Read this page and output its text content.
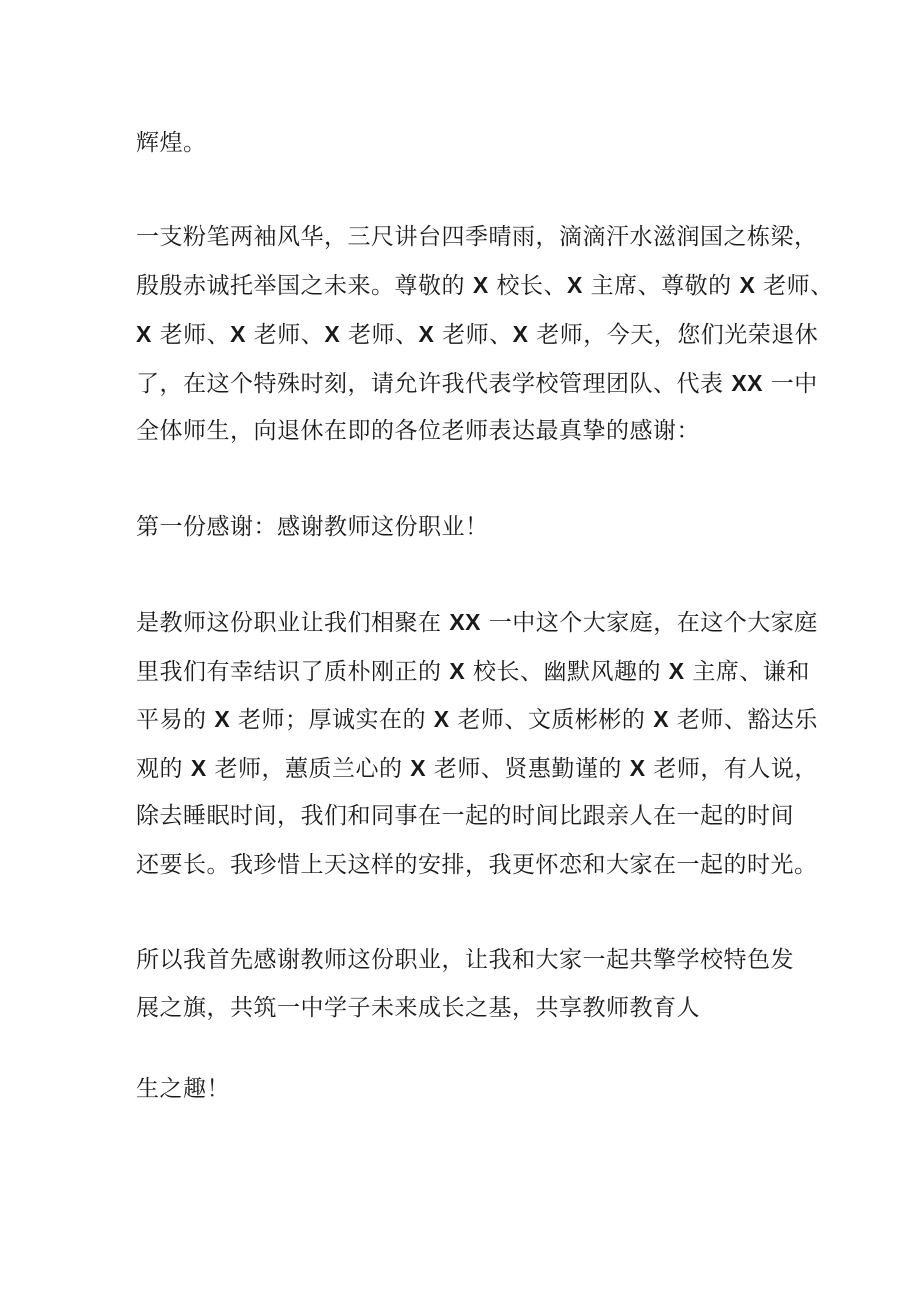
辉煌。
一支粉笔两袖风华，三尺讲台四季晴雨，滴滴汗水滋润国之栋梁，
殷殷赤诚托举国之未来。尊敬的 X 校长、X 主席、尊敬的 X 老师、
X 老师、X 老师、X 老师、X 老师、X 老师，今天，您们光荣退休
了，在这个特殊时刻，请允许我代表学校管理团队、代表 XX 一中
全体师生，向退休在即的各位老师表达最真挚的感谢：
第一份感谢：感谢教师这份职业！
是教师这份职业让我们相聚在 XX 一中这个大家庭，在这个大家庭
里我们有幸结识了质朴刚正的 X 校长、幽默风趣的 X 主席、谦和
平易的 X 老师；厚诚实在的 X 老师、文质彬彬的 X 老师、豁达乐
观的 X 老师，蕙质兰心的 X 老师、贤惠勤谨的 X 老师，有人说，
除去睡眠时间，我们和同事在一起的时间比跟亲人在一起的时间
还要长。我珍惜上天这样的安排，我更怀恋和大家在一起的时光。
所以我首先感谢教师这份职业，让我和大家一起共擎学校特色发
展之旗，共筑一中学子未来成长之基，共享教师教育人
生之趣！
